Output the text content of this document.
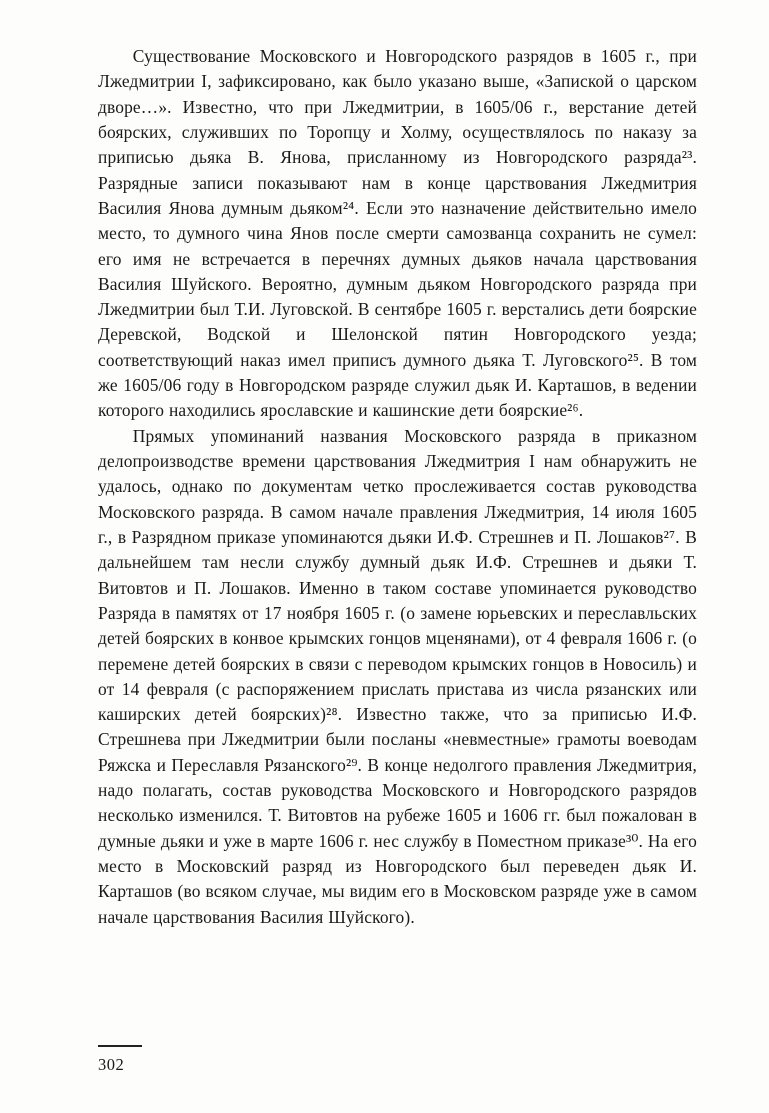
Существование Московского и Новгородского разрядов в 1605 г., при Лжедмитрии I, зафиксировано, как было указано выше, «Запиской о царском дворе…». Известно, что при Лжедмитрии, в 1605/06 г., верстание детей боярских, служивших по Торопцу и Холму, осуществлялось по наказу за приписью дьяка В. Янова, присланному из Новгородского разряда²³. Разрядные записи показывают нам в конце царствования Лжедмитрия Василия Янова думным дьяком²⁴. Если это назначение действительно имело место, то думного чина Янов после смерти самозванца сохранить не сумел: его имя не встречается в перечнях думных дьяков начала царствования Василия Шуйского. Вероятно, думным дьяком Новгородского разряда при Лжедмитрии был Т.И. Луговской. В сентябре 1605 г. верстались дети боярские Деревской, Водской и Шелонской пятин Новгородского уезда; соответствующий наказ имел приписъ думного дьяка Т. Луговского²⁵. В том же 1605/06 году в Новгородском разряде служил дьяк И. Карташов, в ведении которого находились ярославские и кашинские дети боярские²⁶.

Прямых упоминаний названия Московского разряда в приказном делопроизводстве времени царствования Лжедмитрия I нам обнаружить не удалось, однако по документам четко прослеживается состав руководства Московского разряда. В самом начале правления Лжедмитрия, 14 июля 1605 г., в Разрядном приказе упоминаются дьяки И.Ф. Стрешнев и П. Лошаков²⁷. В дальнейшем там несли службу думный дьяк И.Ф. Стрешнев и дьяки Т. Витовтов и П. Лошаков. Именно в таком составе упоминается руководство Разряда в памятях от 17 ноября 1605 г. (о замене юрьевских и переславльских детей боярских в конвое крымских гонцов мценянами), от 4 февраля 1606 г. (о перемене детей боярских в связи с переводом крымских гонцов в Новосиль) и от 14 февраля (с распоряжением прислать пристава из числа рязанских или каширских детей боярских)²⁸. Известно также, что за приписью И.Ф. Стрешнева при Лжедмитрии были посланы «невместные» грамоты воеводам Ряжска и Переславля Рязанского²⁹. В конце недолгого правления Лжедмитрия, надо полагать, состав руководства Московского и Новгородского разрядов несколько изменился. Т. Витовтов на рубеже 1605 и 1606 гг. был пожалован в думные дьяки и уже в марте 1606 г. нес службу в Поместном приказе³⁰. На его место в Московский разряд из Новгородского был переведен дьяк И. Карташов (во всяком случае, мы видим его в Московском разряде уже в самом начале царствования Василия Шуйского).

302
